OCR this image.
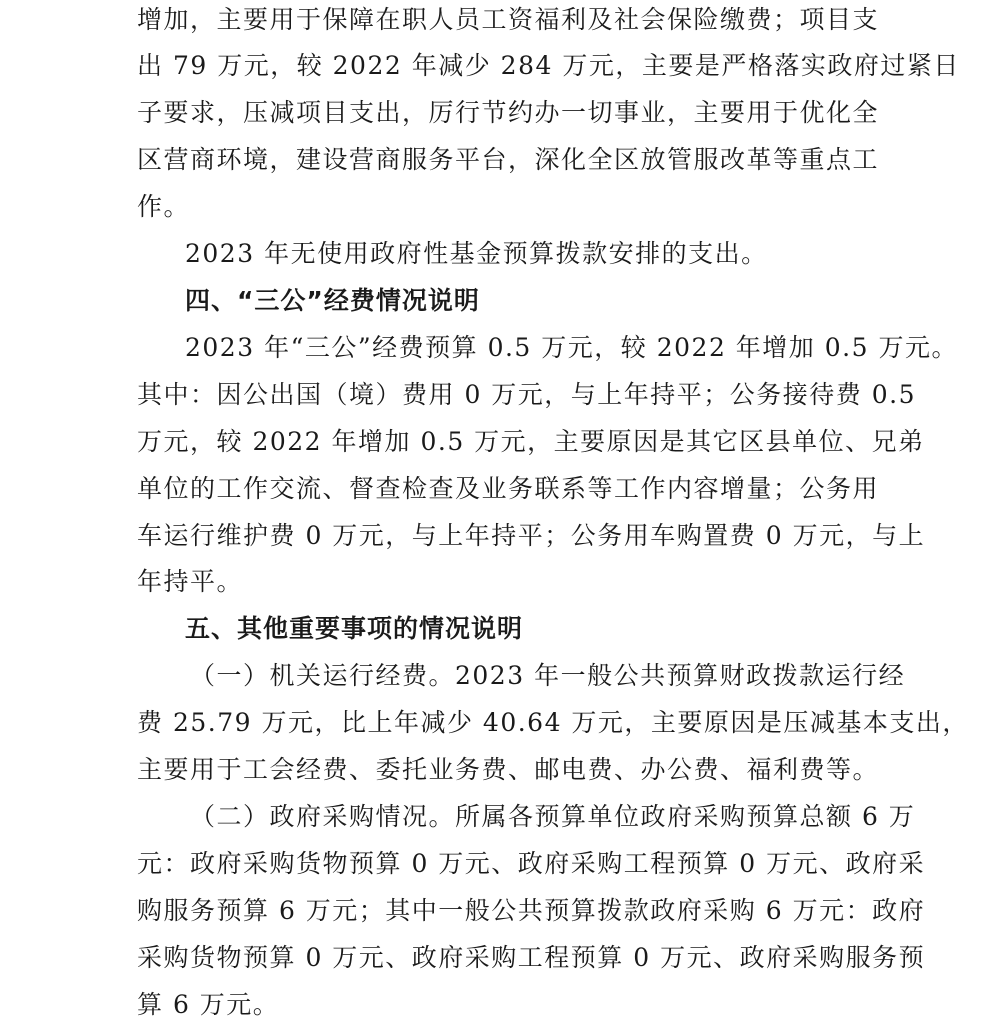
增加，主要用于保障在职人员工资福利及社会保险缴费；项目支
出 79 万元，较 2022 年减少 284 万元，主要是严格落实政府过紧日
子要求，压减项目支出，厉行节约办一切事业，主要用于优化全
区营商环境，建设营商服务平台，深化全区放管服改革等重点工
作。
2023 年无使用政府性基金预算拨款安排的支出。
四、“三公”经费情况说明
2023 年“三公”经费预算 0.5 万元，较 2022 年增加 0.5 万元。
其中：因公出国（境）费用 0 万元，与上年持平；公务接待费 0.5
万元，较 2022 年增加 0.5 万元，主要原因是其它区县单位、兄弟
单位的工作交流、督查检查及业务联系等工作内容增量；公务用
车运行维护费 0 万元，与上年持平；公务用车购置费 0 万元，与上
年持平。
五、其他重要事项的情况说明
（一）机关运行经费。2023 年一般公共预算财政拨款运行经
费 25.79 万元，比上年减少 40.64 万元，主要原因是压减基本支出，
主要用于工会经费、委托业务费、邮电费、办公费、福利费等。
（二）政府采购情况。所属各预算单位政府采购预算总额 6 万
元：政府采购货物预算 0 万元、政府采购工程预算 0 万元、政府采
购服务预算 6 万元；其中一般公共预算拨款政府采购 6 万元：政府
采购货物预算 0 万元、政府采购工程预算 0 万元、政府采购服务预
算 6 万元。
